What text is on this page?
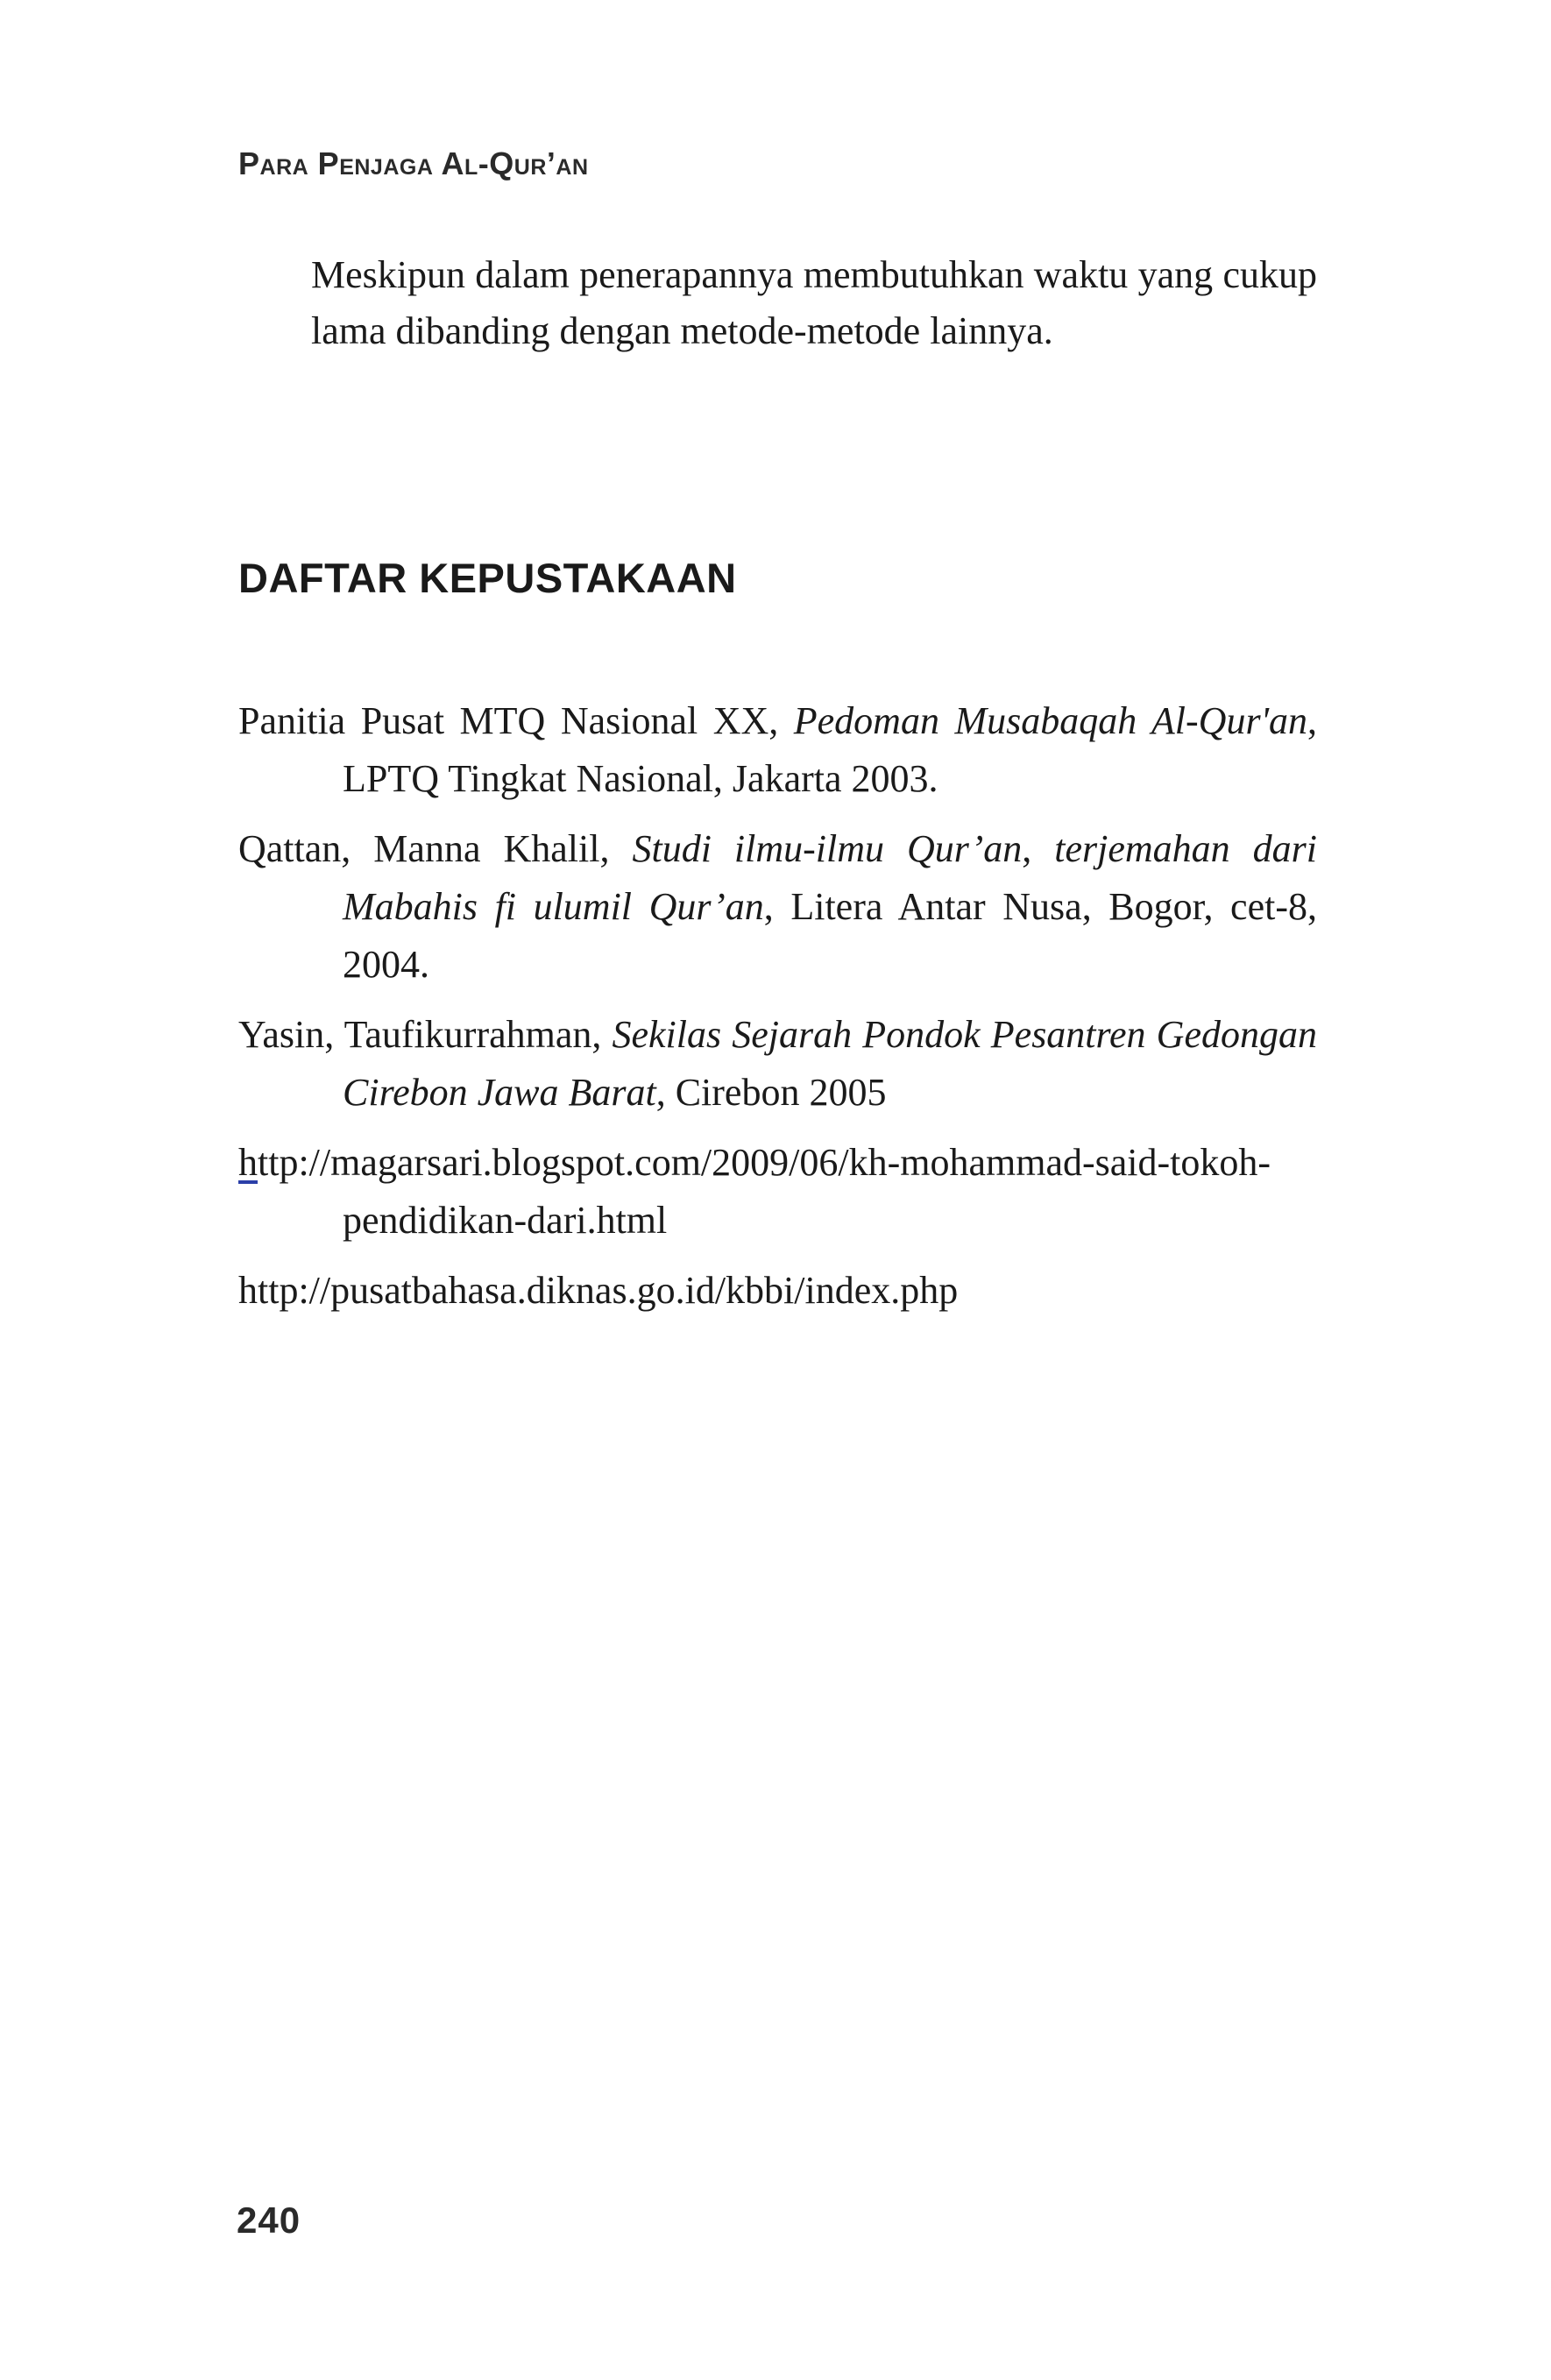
Para Penjaga Al-Qur’an

Meskipun dalam penerapannya membutuhkan waktu yang cukup lama dibanding dengan metode-metode lainnya.

DAFTAR KEPUSTAKAAN
Panitia Pusat MTQ Nasional XX, Pedoman Musabaqah Al-Qur'an, LPTQ Tingkat Nasional, Jakarta 2003.
Qattan, Manna Khalil, Studi ilmu-ilmu Qur’an, terjemahan dari Mabahis fi ulumil Qur’an, Litera Antar Nusa, Bogor, cet-8, 2004.
Yasin, Taufikurrahman, Sekilas Sejarah Pondok Pesantren Gedongan Cirebon Jawa Barat, Cirebon 2005
http://magarsari.blogspot.com/2009/06/kh-mohammad-said-tokoh-pendidikan-dari.html
http://pusatbahasa.diknas.go.id/kbbi/index.php

240
